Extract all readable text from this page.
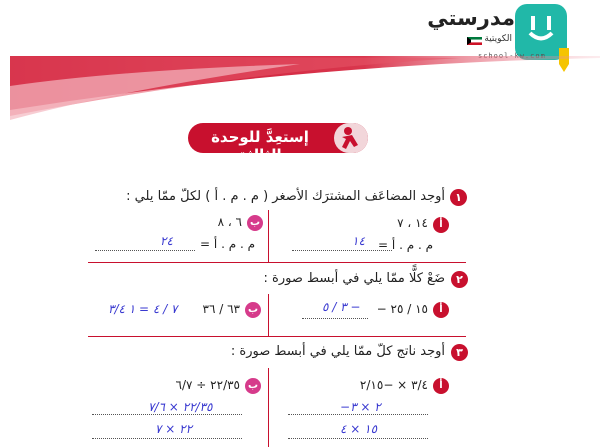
مدرستي
الكويتية
إستعِدَّ للوحدة الثالثة
١
أوجد المضاعَف المشترَك الأصغر ( م . م . أ ) لكلّ ممّا يلي :
أ
١٤ ، ٧
م . م . أ =
١٤
ب
٦ ، ٨
م . م . أ =
٢٤
٢
ضَعْ كلًّا ممّا يلي في أبسط صورة :
أ
١٥ / ٢٥ −
٣ / ٥ −
ب
٦٣ / ٣٦
٧ / ٤ = ١ ٣/٤
٣
أوجد ناتج كلّ ممّا يلي في أبسط صورة :
أ
٣/٤ × −٢/١٥
−٢ × ٣
١٥ × ٤
ب
٢٢/٣٥ ÷ ٦/٧
٢٢/٣٥ × ٧/٦
٢٢ × ٧
